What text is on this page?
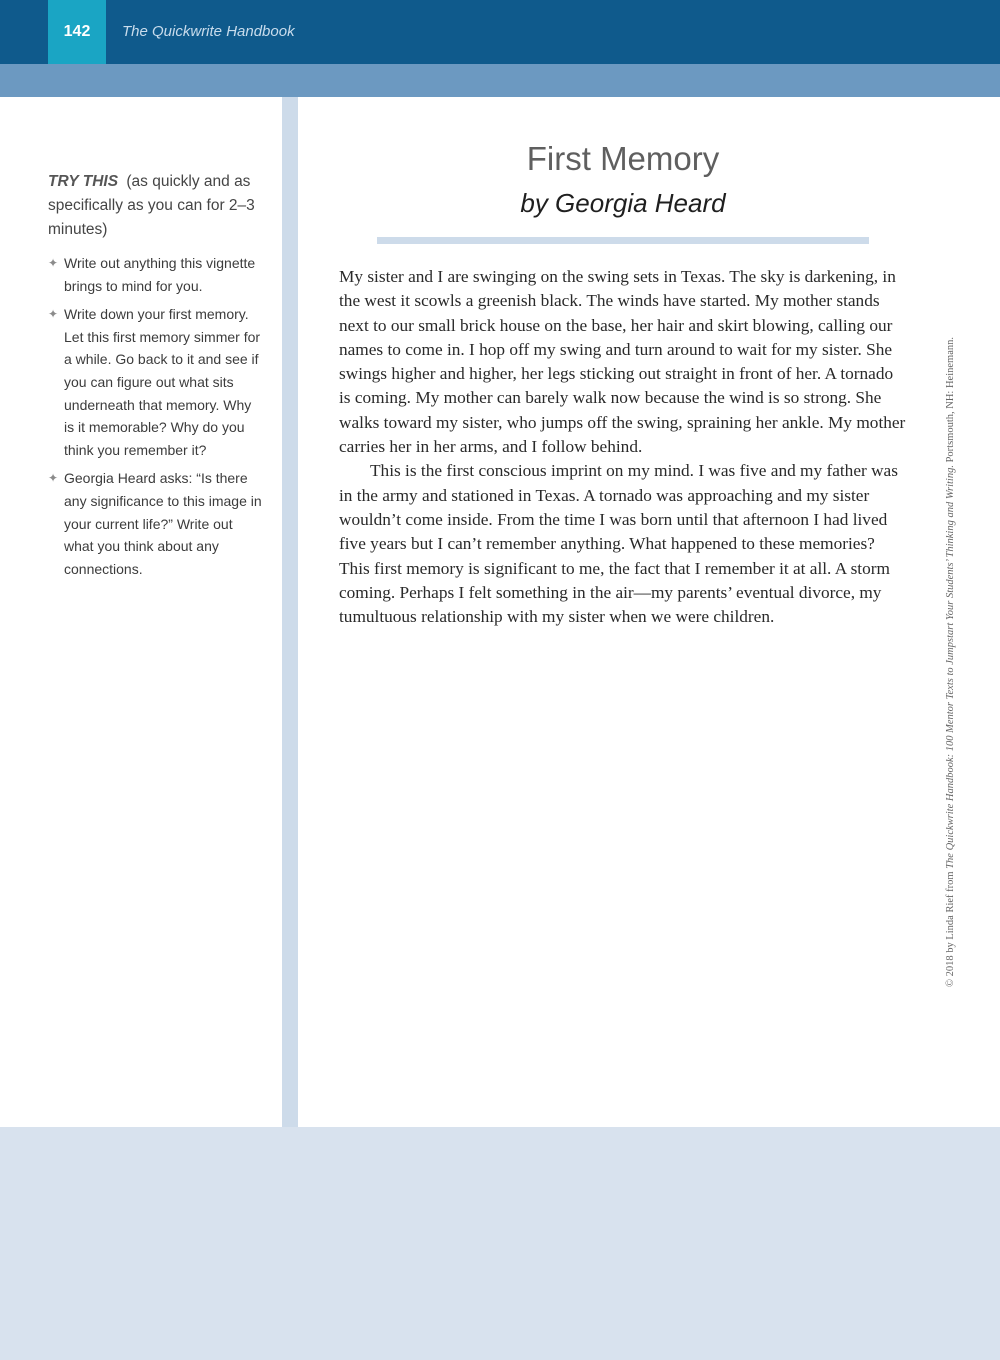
142	The Quickwrite Handbook
TRY THIS (as quickly and as specifically as you can for 2–3 minutes)
✦ Write out anything this vignette brings to mind for you.
✦ Write down your first memory. Let this first memory simmer for a while. Go back to it and see if you can figure out what sits underneath that memory. Why is it memorable? Why do you think you remember it?
✦ Georgia Heard asks: “Is there any significance to this image in your current life?” Write out what you think about any connections.
First Memory
by Georgia Heard

My sister and I are swinging on the swing sets in Texas. The sky is darkening, in the west it scowls a greenish black. The winds have started. My mother stands next to our small brick house on the base, her hair and skirt blowing, calling our names to come in. I hop off my swing and turn around to wait for my sister. She swings higher and higher, her legs sticking out straight in front of her. A tornado is coming. My mother can barely walk now because the wind is so strong. She walks toward my sister, who jumps off the swing, spraining her ankle. My mother carries her in her arms, and I follow behind.

This is the first conscious imprint on my mind. I was five and my father was in the army and stationed in Texas. A tornado was approaching and my sister wouldn’t come inside. From the time I was born until that afternoon I had lived five years but I can’t remember anything. What happened to these memories? This first memory is significant to me, the fact that I remember it at all. A storm coming. Perhaps I felt something in the air—my parents’ eventual divorce, my tumultuous relationship with my sister when we were children.

© 2018 by Linda Rief from The Quickwrite Handbook: 100 Mentor Texts to Jumpstart Your Students’ Thinking and Writing. Portsmouth, NH: Heinemann.
